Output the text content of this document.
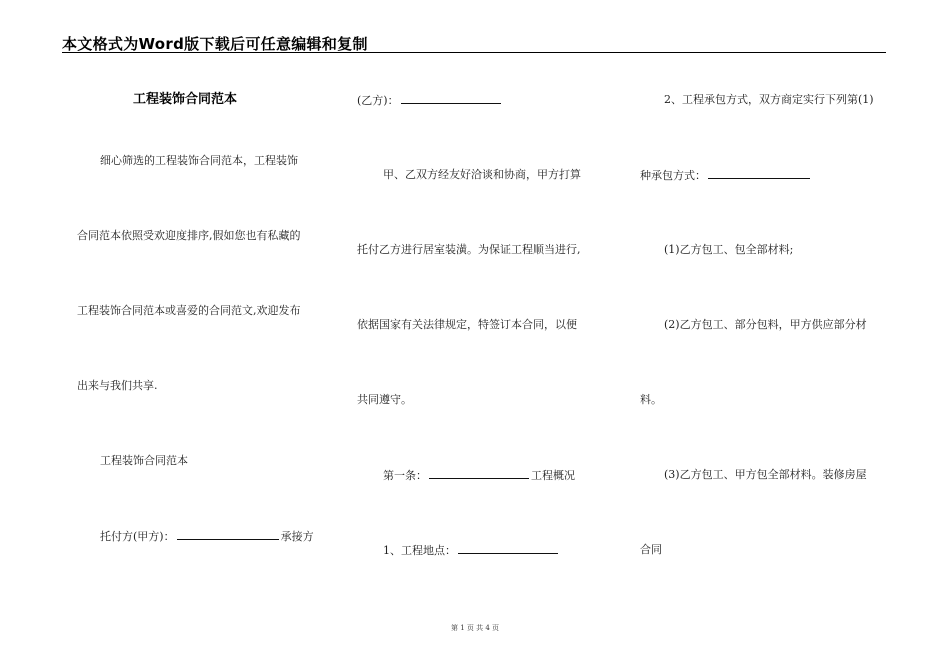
本文格式为Word版下载后可任意编辑和复制
工程装饰合同范本
细心筛选的工程装饰合同范本，工程装饰
合同范本依照受欢迎度排序,假如您也有私藏的
工程装饰合同范本或喜爱的合同范文,欢迎发布
出来与我们共享.
工程装饰合同范本
托付方(甲方)：	承接方
(乙方)：
甲、乙双方经友好洽谈和协商，甲方打算
托付乙方进行居室装潢。为保证工程顺当进行,
依据国家有关法律规定，特签订本合同，以便
共同遵守。
第一条：	工程概况
1、工程地点：
2、工程承包方式，双方商定实行下列第(1)
种承包方式：
(1)乙方包工、包全部材料;
(2)乙方包工、部分包料，甲方供应部分材
料。
(3)乙方包工、甲方包全部材料。装修房屋
合同
第 1 页 共 4 页
